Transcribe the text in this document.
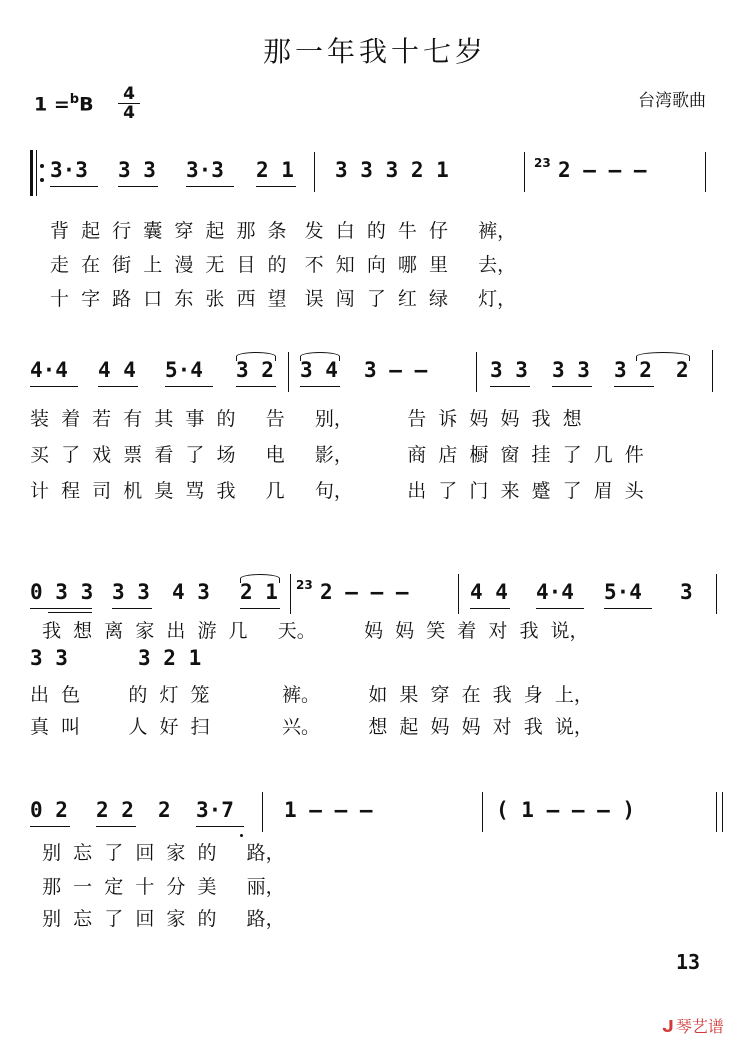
那一年我十七岁
1 =$^b$B 4
4
台湾歌曲
3·3 3 3 3·3 2 1 3 3 3 2 1	23 2 – – –
背  起  行  囊  穿  起  那  条   发  白  的  牛  仔     裤，
走  在  街  上  漫  无  目  的   不  知  向  哪  里     去，
十  字  路  口  东  张  西  望   误  闯  了  红  绿     灯，
4·4 4 4 5·4 3 2 3 4 3 – –	3 3 3 3 3 2 2
装  着  若  有  其  事  的     告     别，         告  诉  妈  妈  我  想
买  了  戏  票  看  了  场     电     影，         商  店  橱  窗  挂  了  几  件
计  程  司  机  臭  骂  我     几     句，         出  了  门  来  蹙  了  眉  头
0 3 3 3 3 4 3 2 1 23 2 – – –	4 4 4·4 5·4 3
我  想  离  家  出  游  几     天。        妈  妈  笑  着  对  我  说，
3 3	3 2 1
出  色        的  灯  笼            裤。        如  果  穿  在  我  身  上，
真  叫        人  好  扫            兴。        想  起  妈  妈  对  我  说，
0 2 2 2 2 3·7 1 – – –	( 1 – – – )
别  忘  了  回  家  的     路，
那  一  定  十  分  美     丽，
别  忘  了  回  家  的     路，
13
ᒍ 琴艺谱
